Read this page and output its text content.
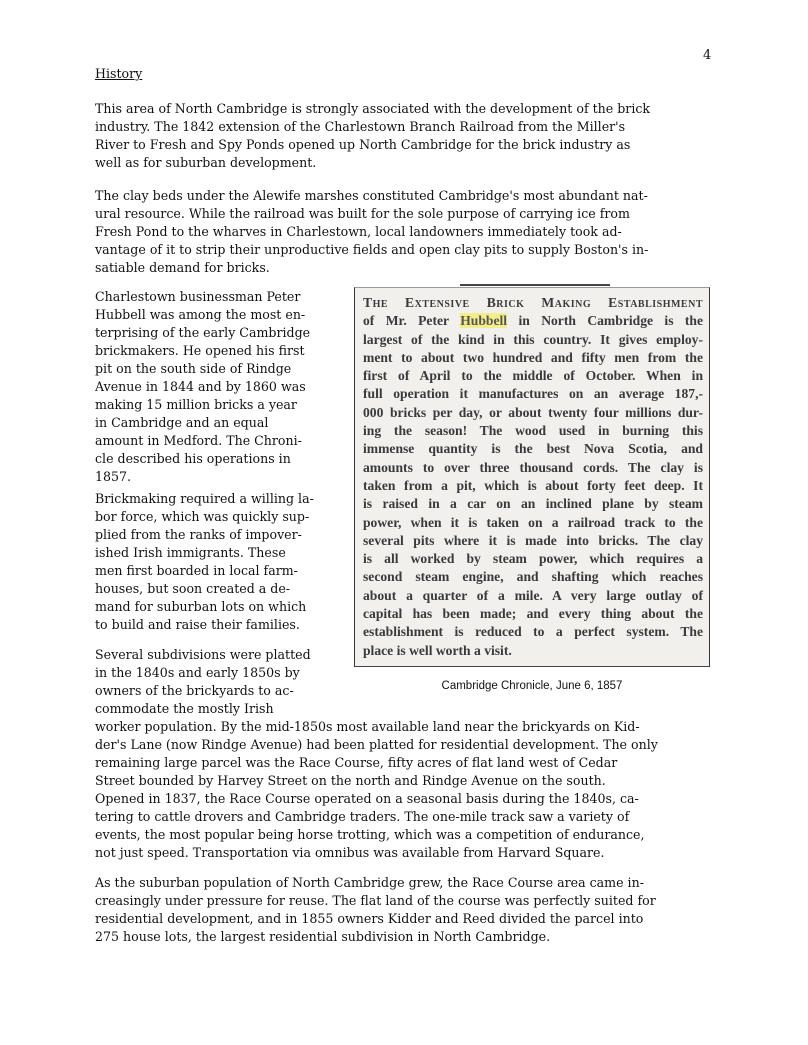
4
History
This area of North Cambridge is strongly associated with the development of the brick
industry. The 1842 extension of the Charlestown Branch Railroad from the Miller's
River to Fresh and Spy Ponds opened up North Cambridge for the brick industry as
well as for suburban development.
The clay beds under the Alewife marshes constituted Cambridge's most abundant nat-
ural resource. While the railroad was built for the sole purpose of carrying ice from
Fresh Pond to the wharves in Charlestown, local landowners immediately took ad-
vantage of it to strip their unproductive fields and open clay pits to supply Boston's in-
satiable demand for bricks.
Charlestown businessman Peter
Hubbell was among the most en-
terprising of the early Cambridge
brickmakers. He opened his first
pit on the south side of Rindge
Avenue in 1844 and by 1860 was
making 15 million bricks a year
in Cambridge and an equal
amount in Medford. The Chroni-
cle described his operations in
1857.
Brickmaking required a willing la-
bor force, which was quickly sup-
plied from the ranks of impover-
ished Irish immigrants. These
men first boarded in local farm-
houses, but soon created a de-
mand for suburban lots on which
to build and raise their families.
Several subdivisions were platted
in the 1840s and early 1850s by
owners of the brickyards to ac-
commodate the mostly Irish
worker population. By the mid-1850s most available land near the brickyards on Kid-
der's Lane (now Rindge Avenue) had been platted for residential development. The only
remaining large parcel was the Race Course, fifty acres of flat land west of Cedar
Street bounded by Harvey Street on the north and Rindge Avenue on the south.
Opened in 1837, the Race Course operated on a seasonal basis during the 1840s, ca-
tering to cattle drovers and Cambridge traders. The one-mile track saw a variety of
events, the most popular being horse trotting, which was a competition of endurance,
not just speed. Transportation via omnibus was available from Harvard Square.
As the suburban population of North Cambridge grew, the Race Course area came in-
creasingly under pressure for reuse. The flat land of the course was perfectly suited for
residential development, and in 1855 owners Kidder and Reed divided the parcel into
275 house lots, the largest residential subdivision in North Cambridge.
The Extensive Brick Making Establishment
of Mr. Peter Hubbell in North Cambridge is the
largest of the kind in this country. It gives employ-
ment to about two hundred and fifty men from the
first of April to the middle of October. When in
full operation it manufactures on an average 187,-
000 bricks per day, or about twenty four millions dur-
ing the season! The wood used in burning this
immense quantity is the best Nova Scotia, and
amounts to over three thousand cords. The clay is
taken from a pit, which is about forty feet deep. It
is raised in a car on an inclined plane by steam
power, when it is taken on a railroad track to the
several pits where it is made into bricks. The clay
is all worked by steam power, which requires a
second steam engine, and shafting which reaches
about a quarter of a mile. A very large outlay of
capital has been made; and every thing about the
establishment is reduced to a perfect system. The
place is well worth a visit.
Cambridge Chronicle, June 6, 1857
